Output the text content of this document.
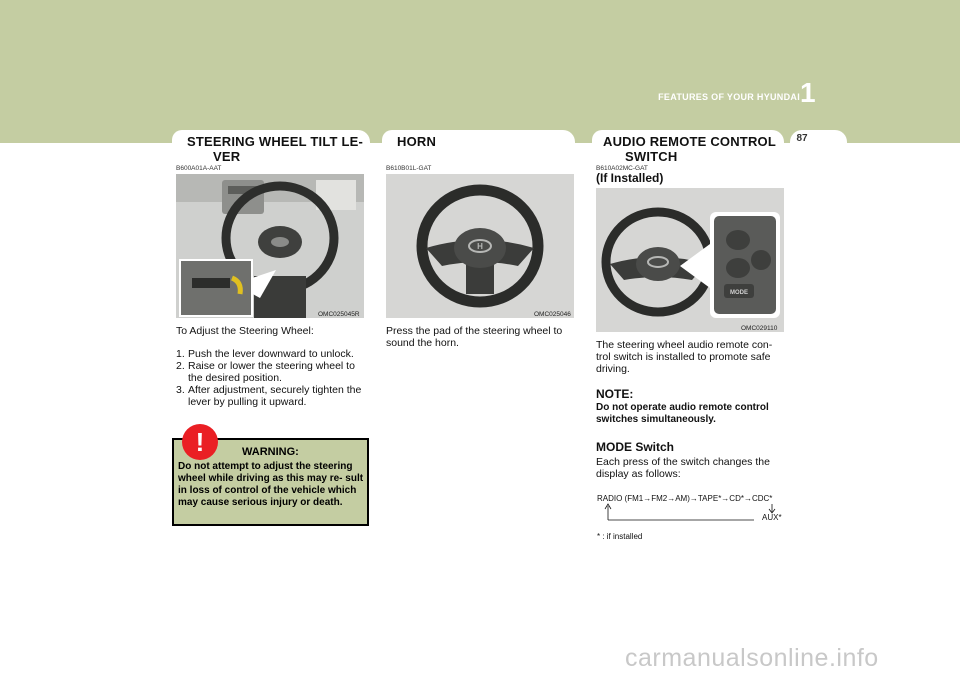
FEATURES OF YOUR HYUNDAI 1
87
STEERING WHEEL TILT LE-
VER
B600A01A-AAT
OMC025045R
To Adjust the Steering Wheel:
1. Push the lever downward to unlock.
2. Raise or lower the steering wheel to the desired position.
3. After adjustment, securely tighten the lever by pulling it upward.
WARNING:
Do not attempt to adjust the steering wheel while driving as this may re- sult in loss of control of the vehicle which may cause serious injury or death.
!
HORN
B610B01L-GAT
H
OMC025046
Press the pad of the steering wheel to sound the horn.
AUDIO REMOTE CONTROL
SWITCH
B610A02MC-GAT
(If Installed)
MODE
OMC029110
The steering wheel audio remote con- trol switch is installed to promote safe driving.
NOTE:
Do not operate audio remote control switches simultaneously.
MODE Switch
Each press of the switch changes the display as follows:
RADIO (FM1→FM2→AM)→TAPE*→CD*→CDC*
AUX*
* : if installed
carmanualsonline.info
